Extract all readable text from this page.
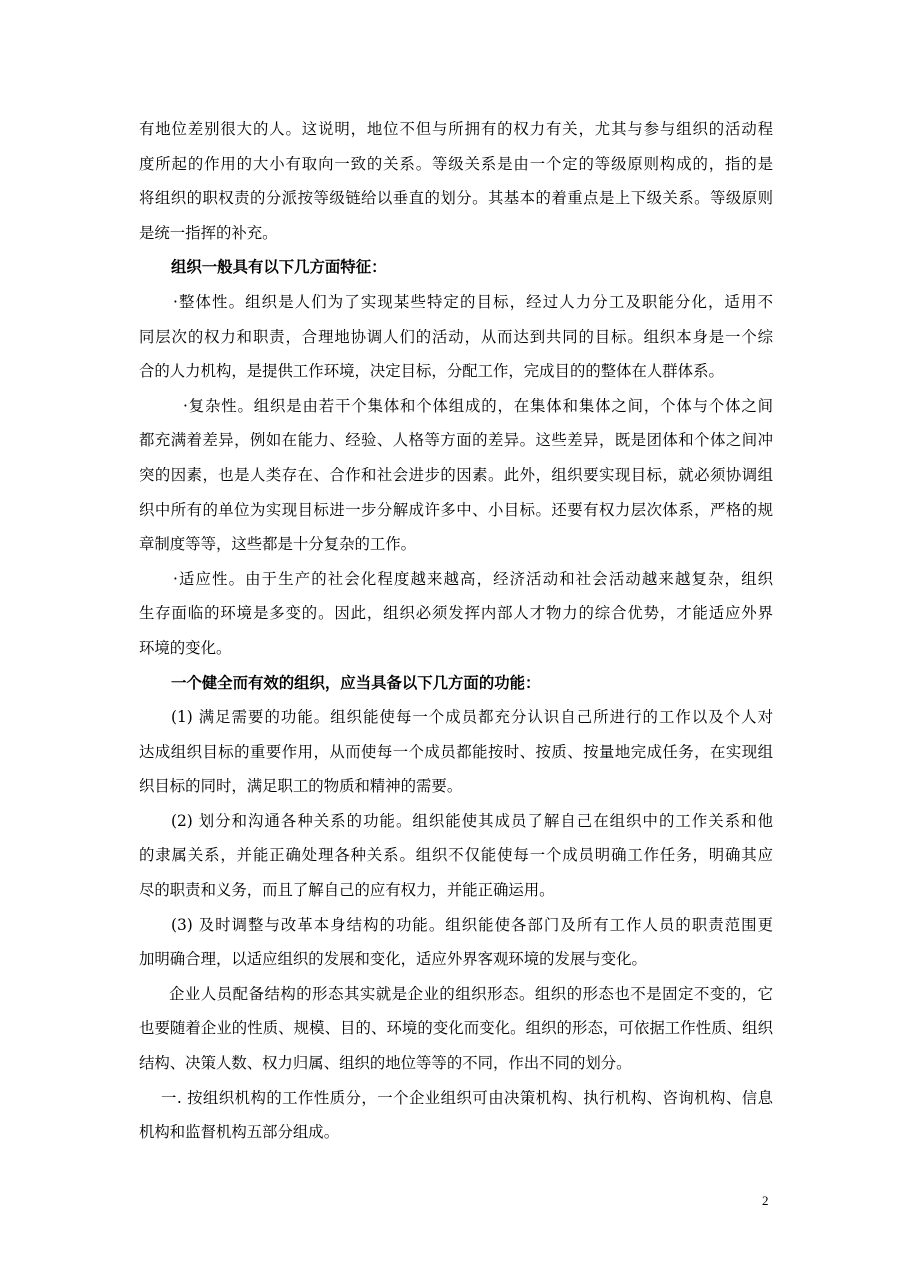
有地位差别很大的人。这说明，地位不但与所拥有的权力有关，尤其与参与组织的活动程
度所起的作用的大小有取向一致的关系。等级关系是由一个定的等级原则构成的，指的是
将组织的职权责的分派按等级链给以垂直的划分。其基本的着重点是上下级关系。等级原则
是统一指挥的补充。
组织一般具有以下几方面特征：
·整体性。组织是人们为了实现某些特定的目标，经过人力分工及职能分化，适用不
同层次的权力和职责，合理地协调人们的活动，从而达到共同的目标。组织本身是一个综
合的人力机构，是提供工作环境，决定目标，分配工作，完成目的的整体在人群体系。
·复杂性。组织是由若干个集体和个体组成的，在集体和集体之间，个体与个体之间
都充满着差异，例如在能力、经验、人格等方面的差异。这些差异，既是团体和个体之间冲
突的因素，也是人类存在、合作和社会进步的因素。此外，组织要实现目标，就必须协调组
织中所有的单位为实现目标进一步分解成许多中、小目标。还要有权力层次体系，严格的规
章制度等等，这些都是十分复杂的工作。
·适应性。由于生产的社会化程度越来越高，经济活动和社会活动越来越复杂，组织
生存面临的环境是多变的。因此，组织必须发挥内部人才物力的综合优势，才能适应外界
环境的变化。
一个健全而有效的组织，应当具备以下几方面的功能：
(1) 满足需要的功能。组织能使每一个成员都充分认识自己所进行的工作以及个人对
达成组织目标的重要作用，从而使每一个成员都能按时、按质、按量地完成任务，在实现组
织目标的同时，满足职工的物质和精神的需要。
(2) 划分和沟通各种关系的功能。组织能使其成员了解自己在组织中的工作关系和他
的隶属关系，并能正确处理各种关系。组织不仅能使每一个成员明确工作任务，明确其应
尽的职责和义务，而且了解自己的应有权力，并能正确运用。
(3) 及时调整与改革本身结构的功能。组织能使各部门及所有工作人员的职责范围更
加明确合理，以适应组织的发展和变化，适应外界客观环境的发展与变化。
企业人员配备结构的形态其实就是企业的组织形态。组织的形态也不是固定不变的，它
也要随着企业的性质、规模、目的、环境的变化而变化。组织的形态，可依据工作性质、组织
结构、决策人数、权力归属、组织的地位等等的不同，作出不同的划分。
一. 按组织机构的工作性质分，一个企业组织可由决策机构、执行机构、咨询机构、信息
机构和监督机构五部分组成。
2
